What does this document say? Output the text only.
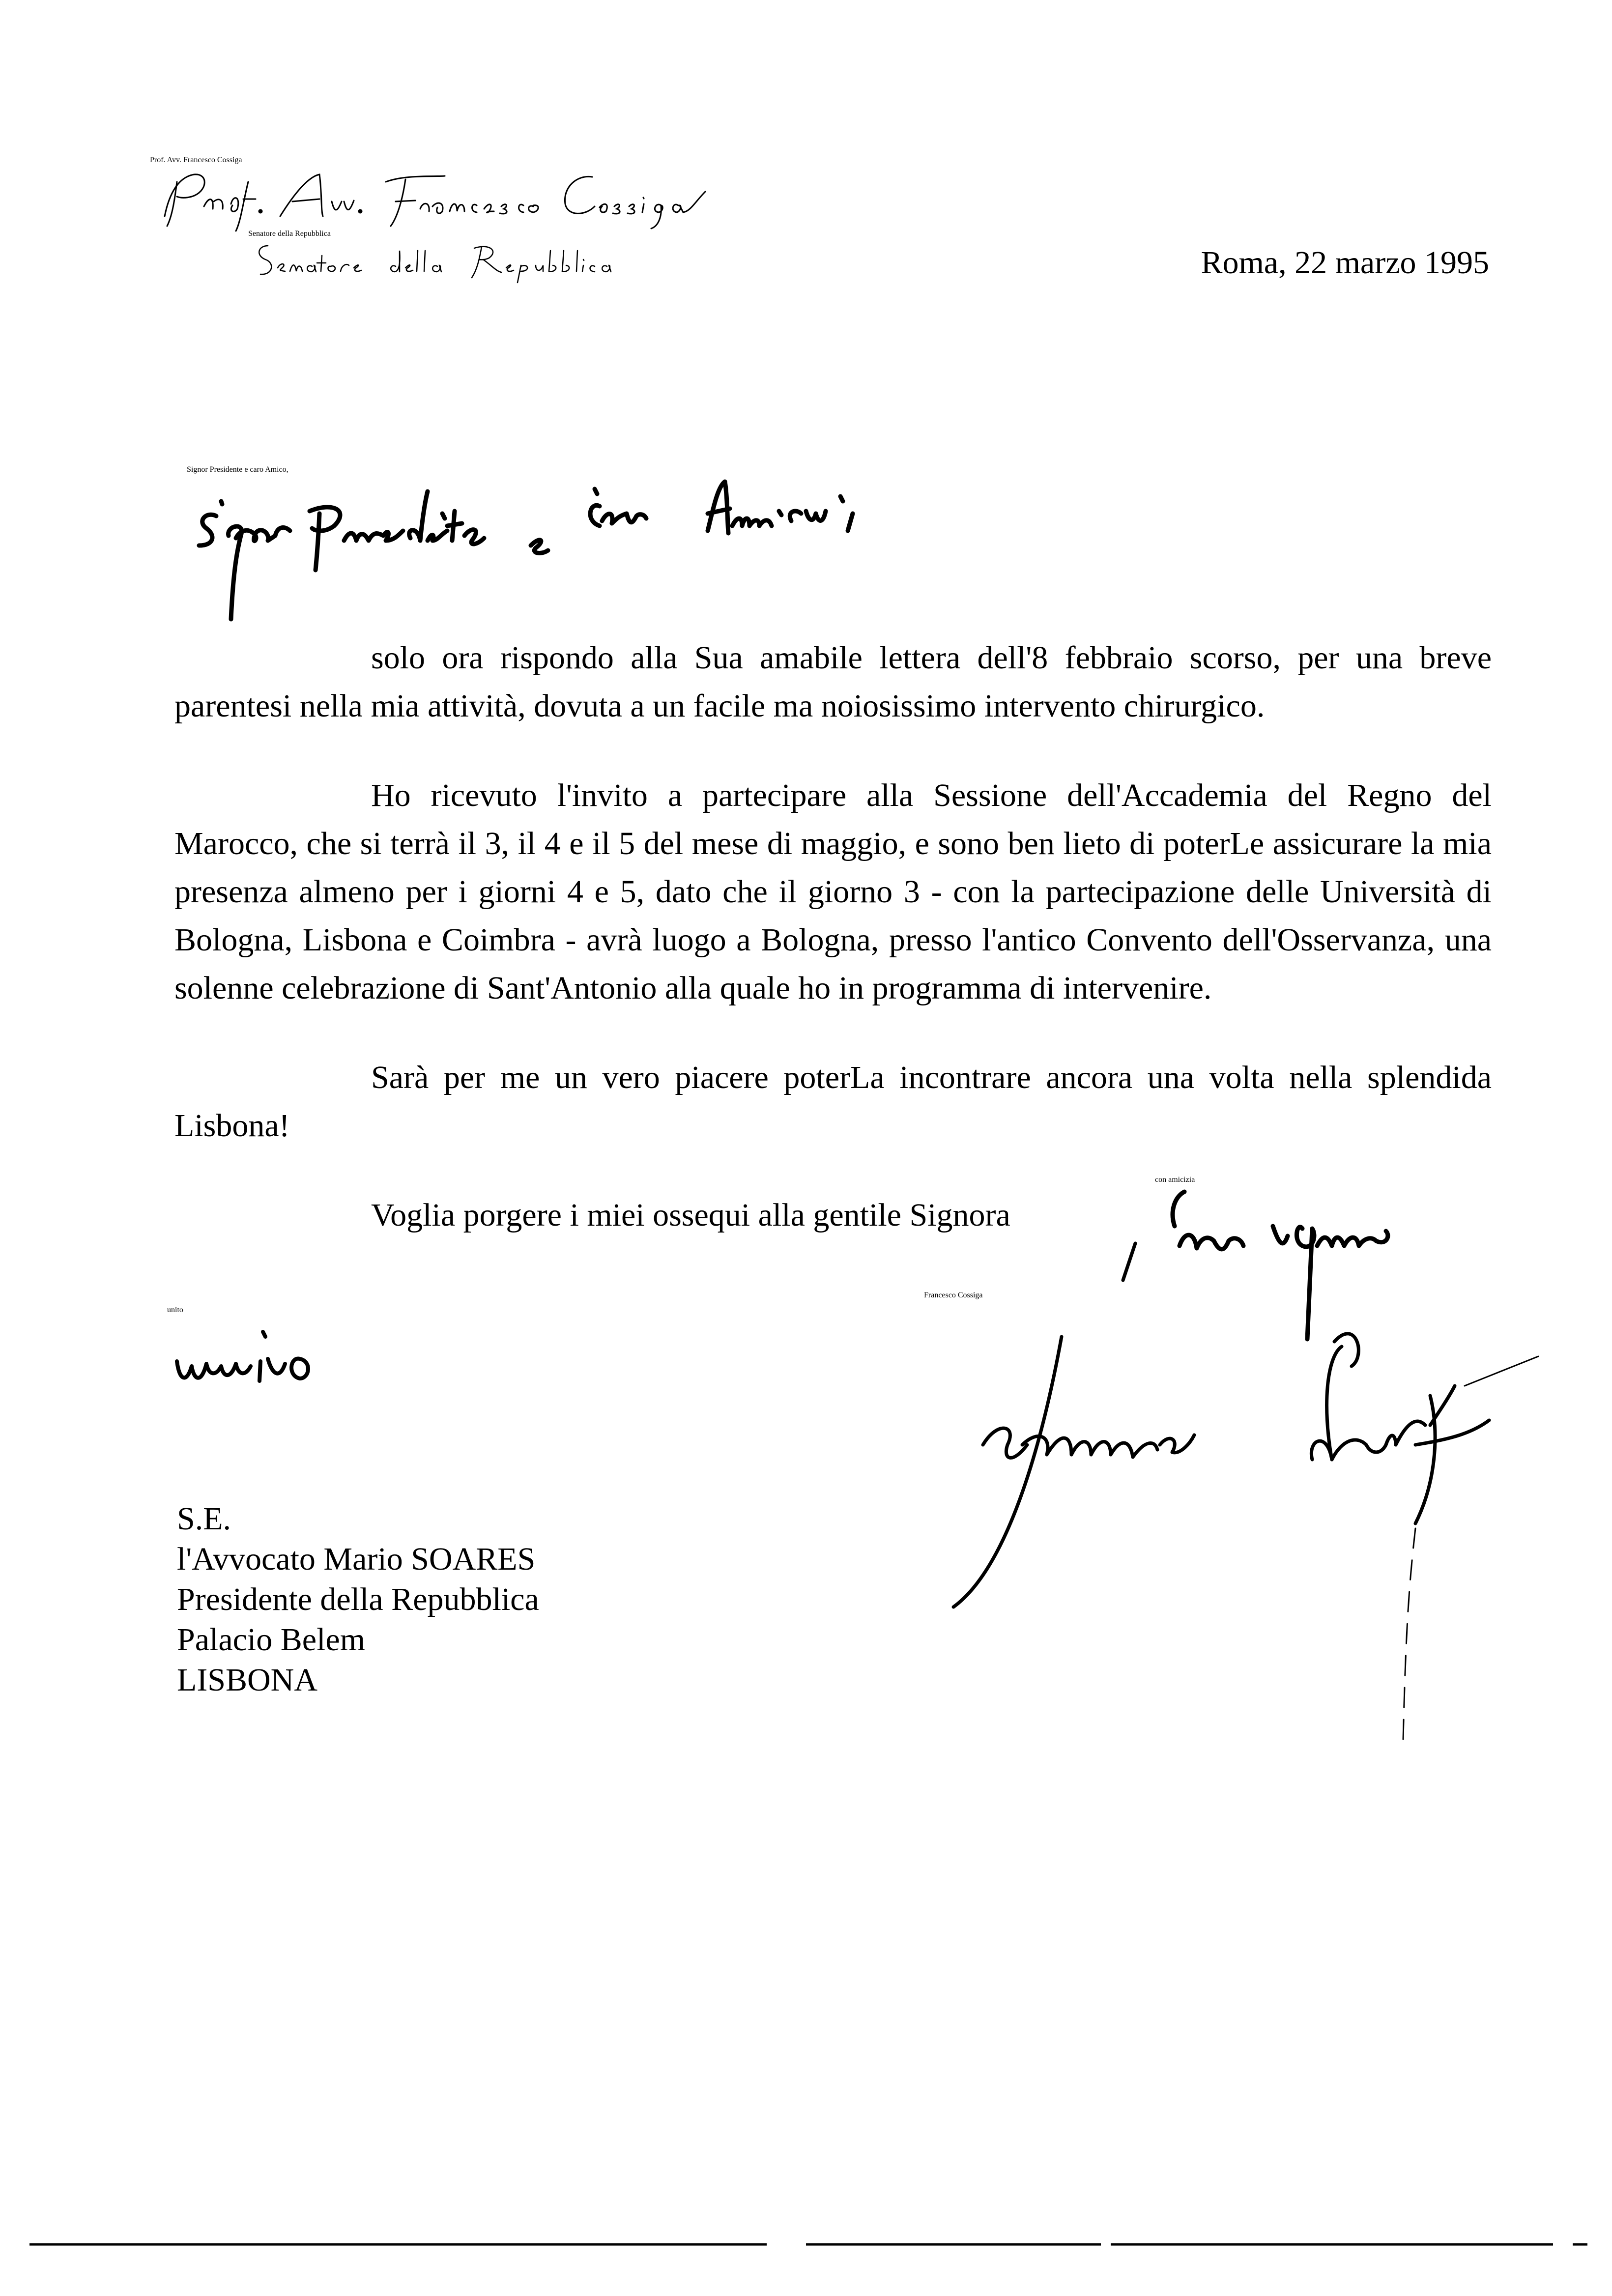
Prof. Avv. Francesco Cossiga
Senatore della Repubblica
Roma, 22 marzo 1995
Signor Presidente e caro Amico,

solo ora rispondo alla Sua amabile lettera dell'8 febbraio scorso, per una breve parentesi nella mia attività, dovuta a un facile ma noiosissimo intervento chirurgico.

Ho ricevuto l'invito a partecipare alla Sessione dell'Accademia del Regno del Marocco, che si terrà il 3, il 4 e il 5 del mese di maggio, e sono ben lieto di poterLe assicurare la mia presenza almeno per i giorni 4 e 5, dato che il giorno 3 - con la partecipazione delle Università di Bologna, Lisbona e Coimbra - avrà luogo a Bologna, presso l'antico Convento dell'Osservanza, una solenne celebrazione di Sant'Antonio alla quale ho in programma di intervenire.

Sarà per me un vero piacere poterLa incontrare ancora una volta nella splendida Lisbona!

Voglia porgere i miei ossequi alla gentile Signora

con amicizia
unito
Francesco Cossiga
S.E.
l'Avvocato Mario SOARES
Presidente della Repubblica
Palacio Belem
LISBONA
